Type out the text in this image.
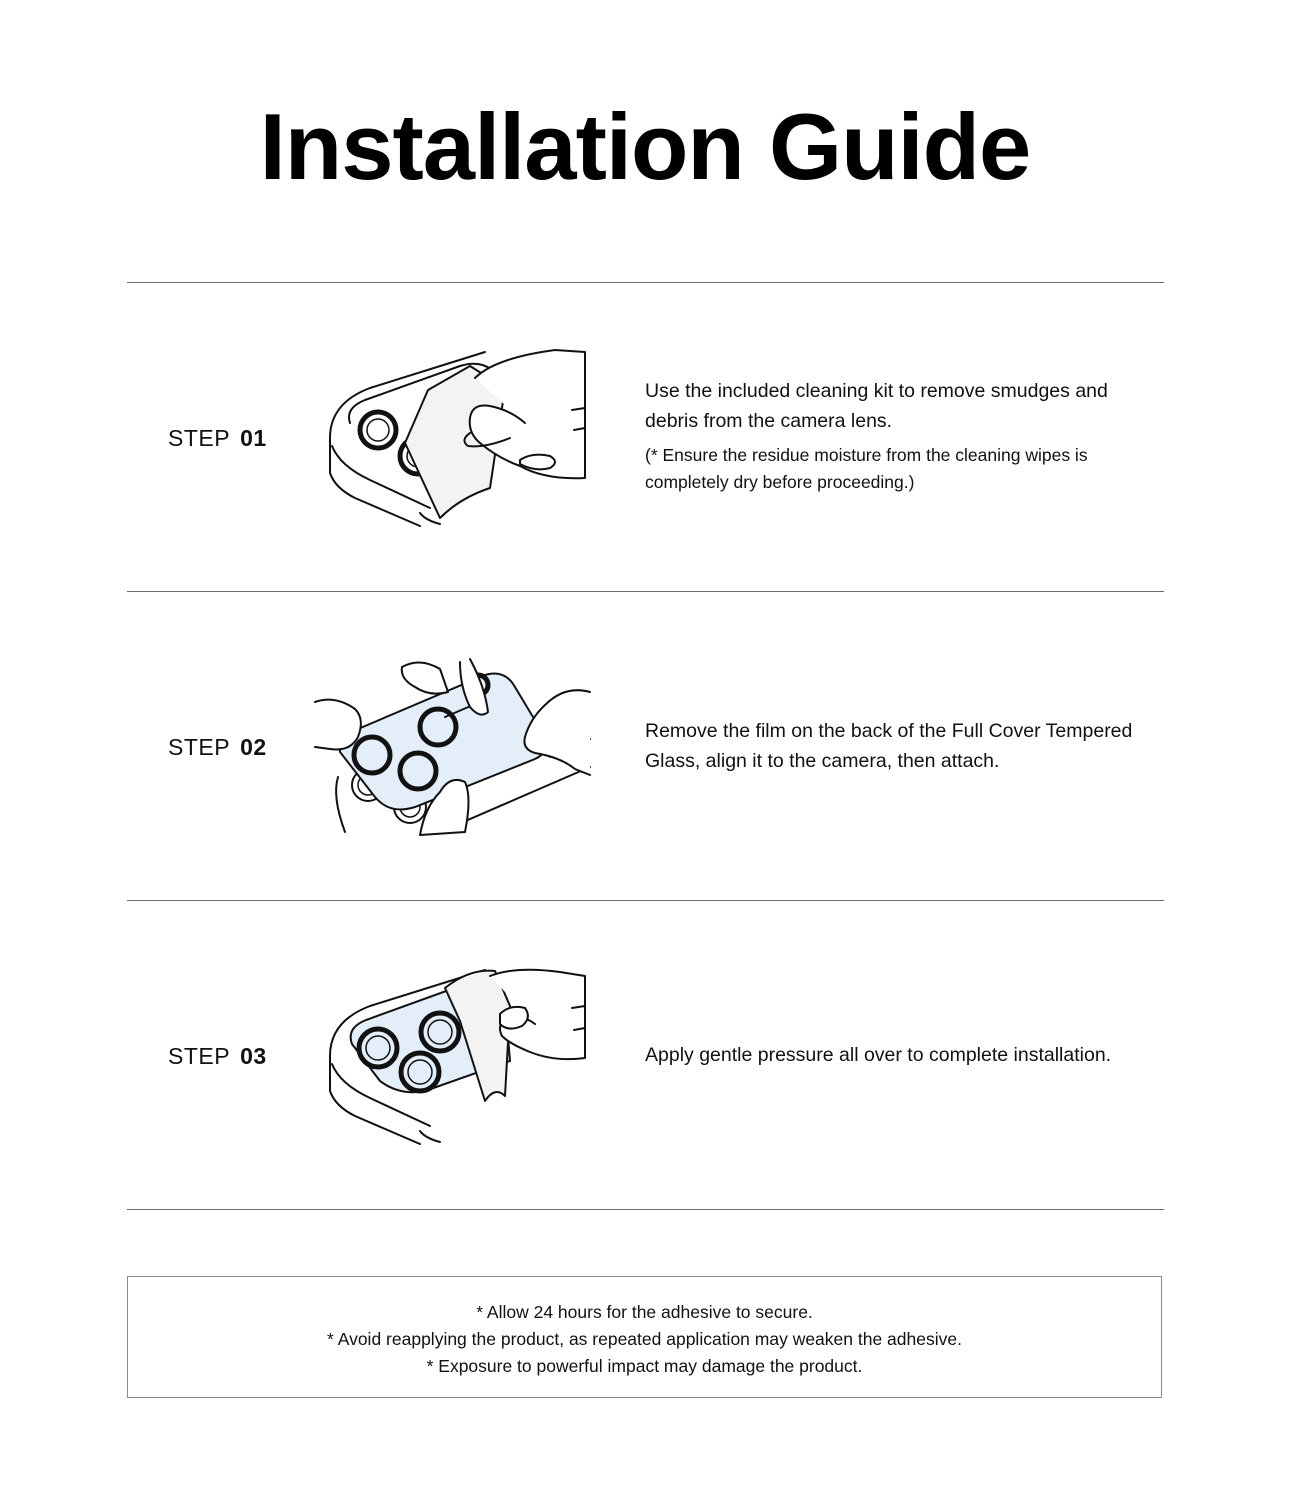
Installation Guide
STEP 01

Use the included cleaning kit to remove smudges and debris from the camera lens.

(* Ensure the residue moisture from the cleaning wipes is completely dry before proceeding.)

STEP 02

Remove the film on the back of the Full Cover Tempered Glass, align it to the camera, then attach.

STEP 03	Apply gentle pressure all over to complete installation.

* Allow 24 hours for the adhesive to secure.
* Avoid reapplying the product, as repeated application may weaken the adhesive.
* Exposure to powerful impact may damage the product.
